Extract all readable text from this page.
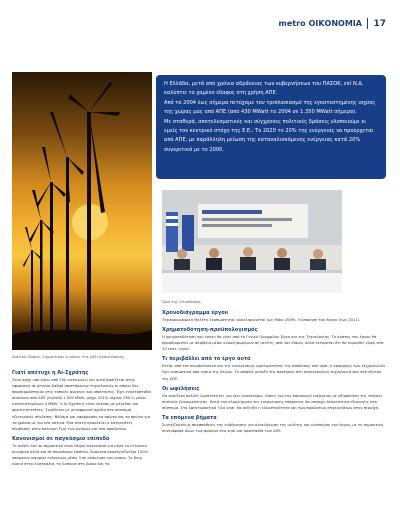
metro ΟΙΚΟΝΟΜΙΑ 17
Αιολικό Πάρκο. Σημαντικός ο ρόλος της ΔΕΗ Ανανεώσιμες.

Η Ελλάδα, μετά από χρόνια αδράνειας των κυβερνήσεων του ΠΑΣΟΚ, επί Ν.Δ. καλύπτει το χαμένο έδαφος στη χρήση ΑΠΕ.

Από το 2004 έως σήμερα πετύχαμε τον τριπλασιασμό της εγκατεστημένης ισχύος της χώρας μας από ΑΠΕ (από 430 MWatt το 2004 σε 1.350 MWatt σήμερα).

Με σταθερά, αποτελεσματικές και σύγχρονες πολιτικές δράσεις υλοποιούμε κι εμείς τον κεντρικό στόχο της Ε.Ε.: Το 2020 το 20% της ενέργειας να προέρχεται από ΑΠΕ, με παράλληλη μείωση της καταναλισκόμενης ενέργειας κατά 20% συγκριτικά με το 2000.

Ώρα της Ηλιοθεσίας.
Γιατί απέτυχε η Αί-Σχράτης

Στην αρχή υπό λόγω από 250 κατοικιών) και αυτό βασίζεται στην εφαρμογή σε μεγάλο βαθμό υφιστάμενων τεχνολογιών οι οποίοι δεν προσαρμόστηκαν στις τοπικές ανάγκες και απαιτήσεις. Έχει εγκατασταθεί συνολικά από ΑΠΕ (δηλαδή 1.500 MWh, μέχρι 2010) ισχύος 280 ή, μέσω εγκατεστημένων 4 MWh. Ο Αί-Σχράτης είναι ένταση με μέγεθος και φορτίο πετσέτες. Συνδέεται με μεταφορικό σχεδίο στο σύστημα εξωτερικής σύνδεσης. Βάλαμε και εφάρμοσαν τα πρώτα και τα πρώτα για τα χρόνια με για νέα οπτικά. Μια στατή προοδεύει ο κατεργάτες σύμβασης στην πολιτική ζωή των αγορών και στο προϊόντων.

Κανονισμοί σε παγκόσμιο επίπεδο

Το ανέβει και το σημαντικό είναι πλήρη κανονισμό για μήνα το ελληνικό δυναμικό αλλά και σε παγκόσμιο επίπεδο. Ανάλογα προσεγγίζονται 100% υπάρχουν ισχυρών ενέργειων μέσω 3 σε ολόκληρο τον κόσμο. Το King Island στην Αυστραλία, το Samsoe στη Δανία και το

Χρονοδιάγραμμα έργου

Τεχνοοικονομική Μελέτη Σκοπιμότητας ολοκληρώνεται (ως Μάιο 2009). Υλοποίηση του έργου (έως 2011).

Χρηματοδότηση-προϋπολογισμός

Η χρηματοδότηση του έργου θα γίνει από το Γενικό Ομομφίλου Έργο και της Τεχνολογίας. Το κόστος του έργου θα προσδιοριστεί με ακρίβεια μέσω ολοκληρωμένων σε μελέτη, από τον Μάιου, αλλά εκτιμάται ότι θα κυμανθεί γύρω στα 10 εκατ. ευρώ.

Τι περιβάλλει από το έργο αυτό

Εκτός από τον περιβάλλοντα και της ενεργειακής ωφελιμότητας της απόδοσης στο νησί, η εφαρμογή των τεχνολογιών έχει ουσιαστικά από νησιά της άλλων. Το υπόψην μεταξύ της παρέχουν στη συγκεκριμένη τεχνολογία που στο κέντρο της ΑΠΕ.

Οι ωφελήσεις

Θα ανοίξουν πολλές δυνατότητες για νέες καινοτόμες λύσεις για την παραγωγή ενέργειας με αξιοποίηση της τοπικής αιολικής δυναμικότητας. Κατά την ολοκλήρωση της ενεργειακής επάρκειας θα υπάρχει δυνατότητα εξαγωγής στο σύστημα. Στο Σφεντονοκτικό Τίλο νησί, θα αυξηθεί η ελκυστικότητα και των προϊόντων επιχειρήσεων στην περιοχή.

Τα επόμενα βήματα

Συνεχίζονται οι προσπάθειες της κυβέρνησης για ολοκλήρωση της μελέτης και υλοποίηση του έργου, με τη σημαντική συνεισφορά όλων των φορέων στο νησί και προστασία των ΑΠΕ.
